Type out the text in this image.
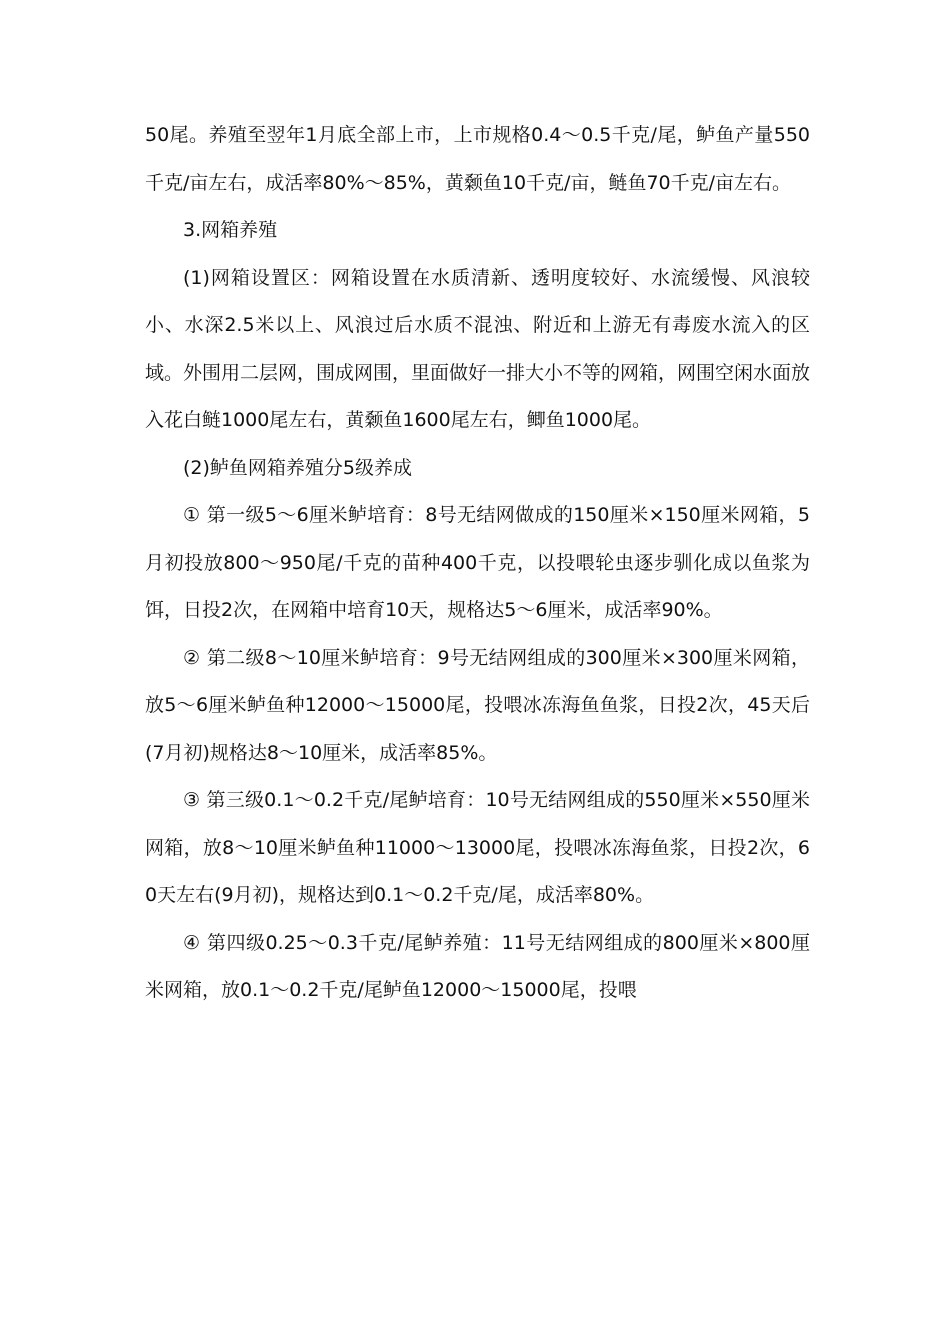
50尾。养殖至翌年1月底全部上市，上市规格0.4～0.5千克/尾，鲈鱼产量550千克/亩左右，成活率80%～85%，黄颡鱼10千克/亩，鲢鱼70千克/亩左右。

3.网箱养殖

(1)网箱设置区：网箱设置在水质清新、透明度较好、水流缓慢、风浪较小、水深2.5米以上、风浪过后水质不混浊、附近和上游无有毒废水流入的区域。外围用二层网，围成网围，里面做好一排大小不等的网箱，网围空闲水面放入花白鲢1000尾左右，黄颡鱼1600尾左右，鲫鱼1000尾。

(2)鲈鱼网箱养殖分5级养成

① 第一级5～6厘米鲈培育：8号无结网做成的150厘米×150厘米网箱，5月初投放800～950尾/千克的苗种400千克，以投喂轮虫逐步驯化成以鱼浆为饵，日投2次，在网箱中培育10天，规格达5～6厘米，成活率90%。

② 第二级8～10厘米鲈培育：9号无结网组成的300厘米×300厘米网箱，放5～6厘米鲈鱼种12000～15000尾，投喂冰冻海鱼鱼浆，日投2次，45天后(7月初)规格达8～10厘米，成活率85%。

③ 第三级0.1～0.2千克/尾鲈培育：10号无结网组成的550厘米×550厘米网箱，放8～10厘米鲈鱼种11000～13000尾，投喂冰冻海鱼浆，日投2次，60天左右(9月初)，规格达到0.1～0.2千克/尾，成活率80%。

④ 第四级0.25～0.3千克/尾鲈养殖：11号无结网组成的800厘米×800厘米网箱，放0.1～0.2千克/尾鲈鱼12000～15000尾，投喂
